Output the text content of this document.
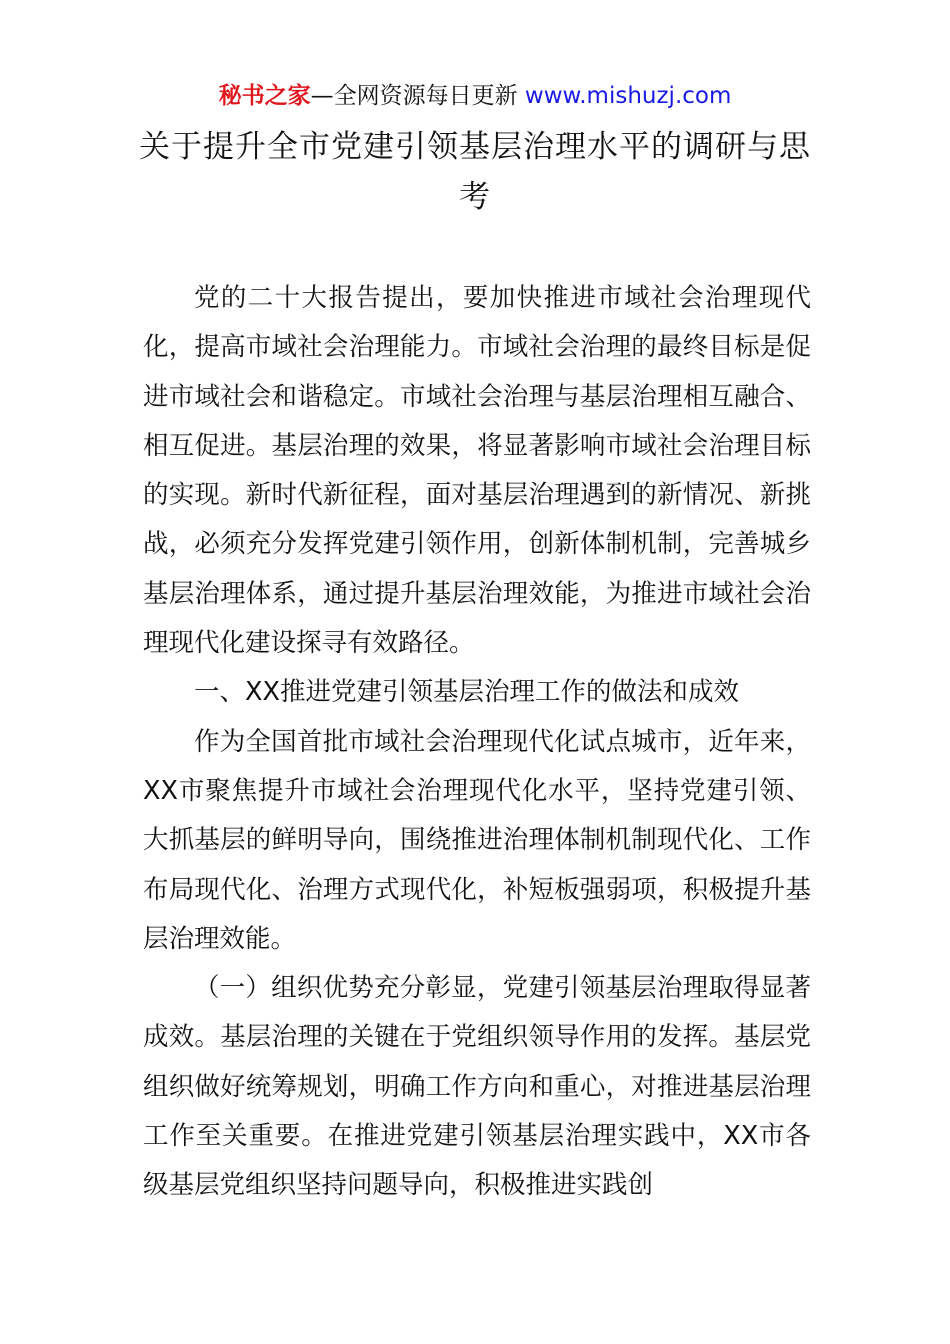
秘书之家—全网资源每日更新 www.mishuzj.com
关于提升全市党建引领基层治理水平的调研与思考

党的二十大报告提出，要加快推进市域社会治理现代化，提高市域社会治理能力。市域社会治理的最终目标是促进市域社会和谐稳定。市域社会治理与基层治理相互融合、相互促进。基层治理的效果，将显著影响市域社会治理目标的实现。新时代新征程，面对基层治理遇到的新情况、新挑战，必须充分发挥党建引领作用，创新体制机制，完善城乡基层治理体系，通过提升基层治理效能，为推进市域社会治理现代化建设探寻有效路径。

一、XX推进党建引领基层治理工作的做法和成效

作为全国首批市域社会治理现代化试点城市，近年来，XX市聚焦提升市域社会治理现代化水平，坚持党建引领、大抓基层的鲜明导向，围绕推进治理体制机制现代化、工作布局现代化、治理方式现代化，补短板强弱项，积极提升基层治理效能。

（一）组织优势充分彰显，党建引领基层治理取得显著成效。基层治理的关键在于党组织领导作用的发挥。基层党组织做好统筹规划，明确工作方向和重心，对推进基层治理工作至关重要。在推进党建引领基层治理实践中，XX市各级基层党组织坚持问题导向，积极推进实践创
